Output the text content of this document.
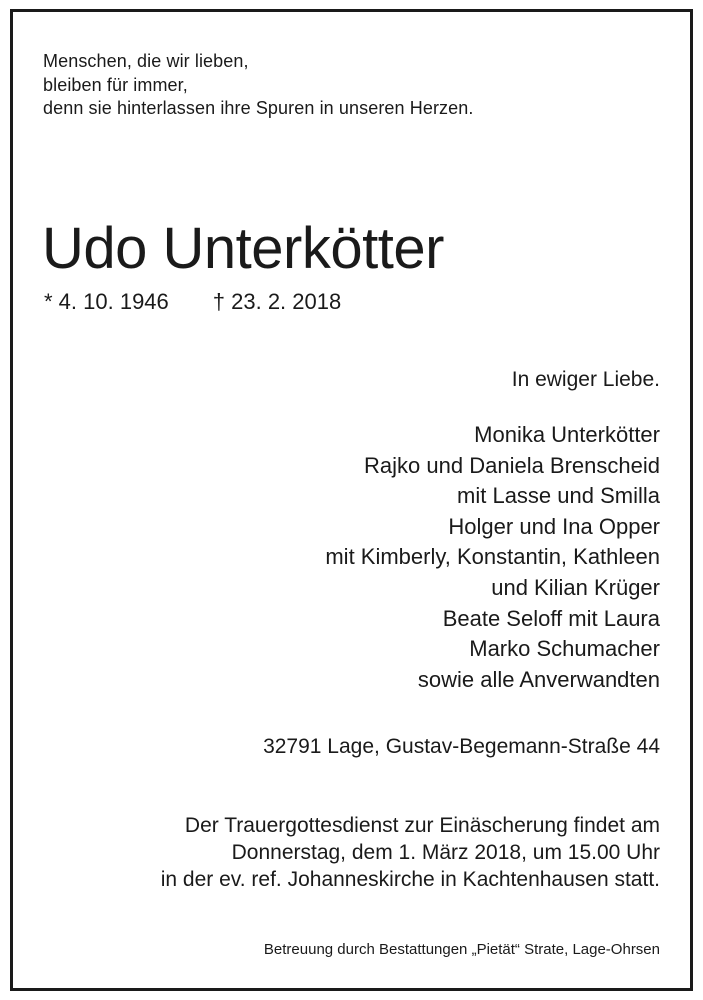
Menschen, die wir lieben,
bleiben für immer,
denn sie hinterlassen ihre Spuren in unseren Herzen.
Udo Unterkötter
* 4. 10. 1946 † 23. 2. 2018
In ewiger Liebe.
Monika Unterkötter
Rajko und Daniela Brenscheid
mit Lasse und Smilla
Holger und Ina Opper
mit Kimberly, Konstantin, Kathleen
und Kilian Krüger
Beate Seloff mit Laura
Marko Schumacher
sowie alle Anverwandten
32791 Lage, Gustav-Begemann-Straße 44
Der Trauergottesdienst zur Einäscherung findet am
Donnerstag, dem 1. März 2018, um 15.00 Uhr
in der ev. ref. Johanneskirche in Kachtenhausen statt.
Betreuung durch Bestattungen „Pietät“ Strate, Lage-Ohrsen
